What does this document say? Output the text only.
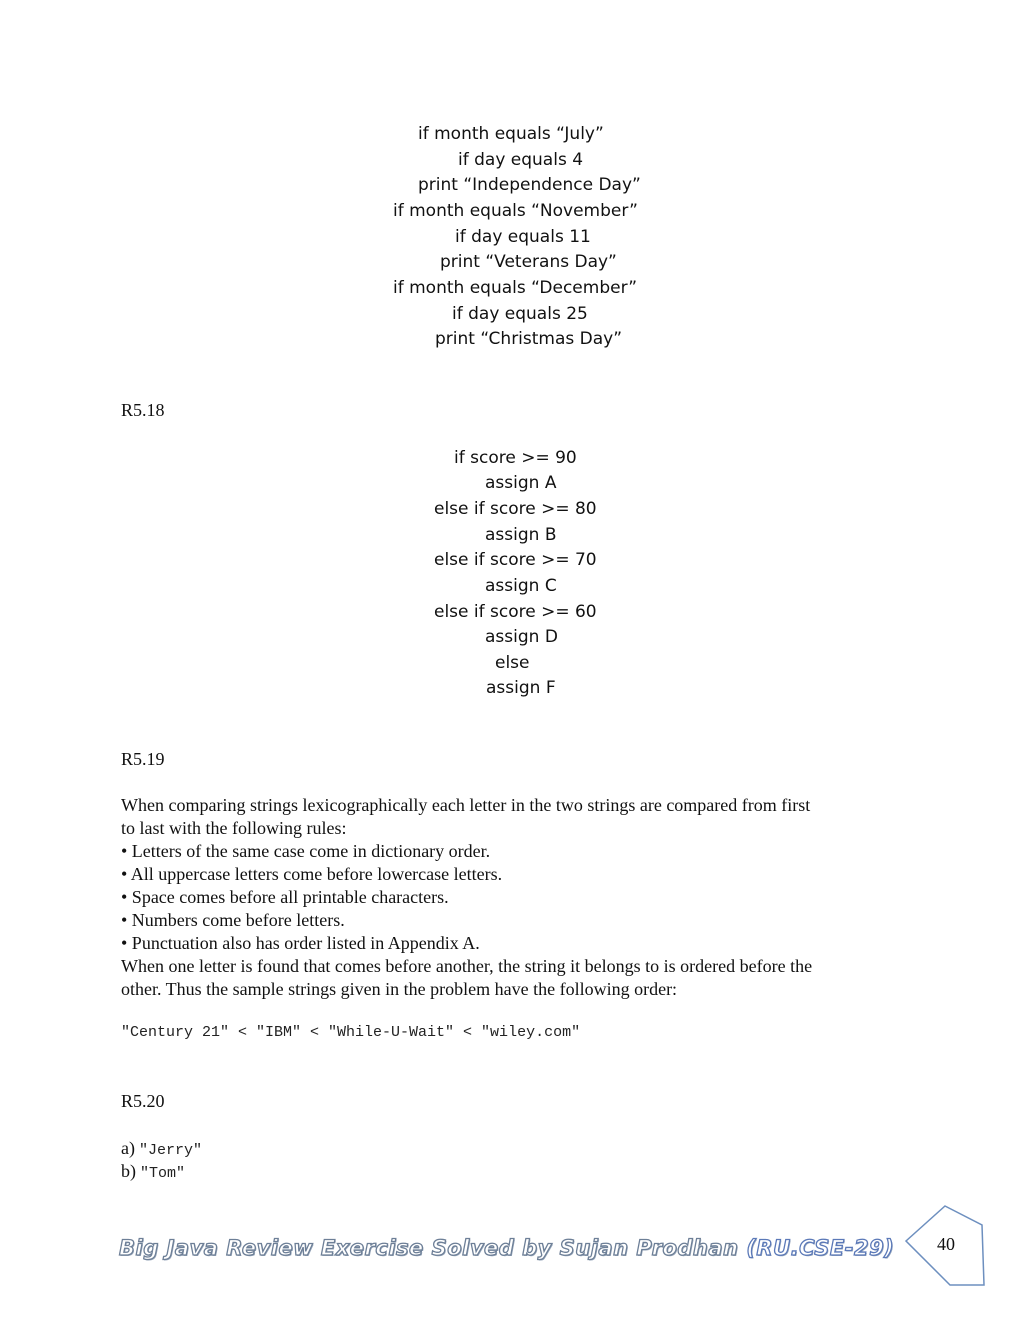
if month equals “July”
if day equals 4
print “Independence Day”
if month equals “November”
if day equals 11
print “Veterans Day”
if month equals “December”
if day equals 25
print “Christmas Day”
R5.18
if score >= 90
assign A
else if score >= 80
assign B
else if score >= 70
assign C
else if score >= 60
assign D
else
assign F
R5.19
When comparing strings lexicographically each letter in the two strings are compared from first
to last with the following rules:
• Letters of the same case come in dictionary order.
• All uppercase letters come before lowercase letters.
• Space comes before all printable characters.
• Numbers come before letters.
• Punctuation also has order listed in Appendix A.
When one letter is found that comes before another, the string it belongs to is ordered before the
other. Thus the sample strings given in the problem have the following order:
"Century 21" < "IBM" < "While-U-Wait" < "wiley.com"
R5.20
a) "Jerry"
b) "Tom"
Big Java Review Exercise Solved by Sujan Prodhan (RU.CSE-29)	40
